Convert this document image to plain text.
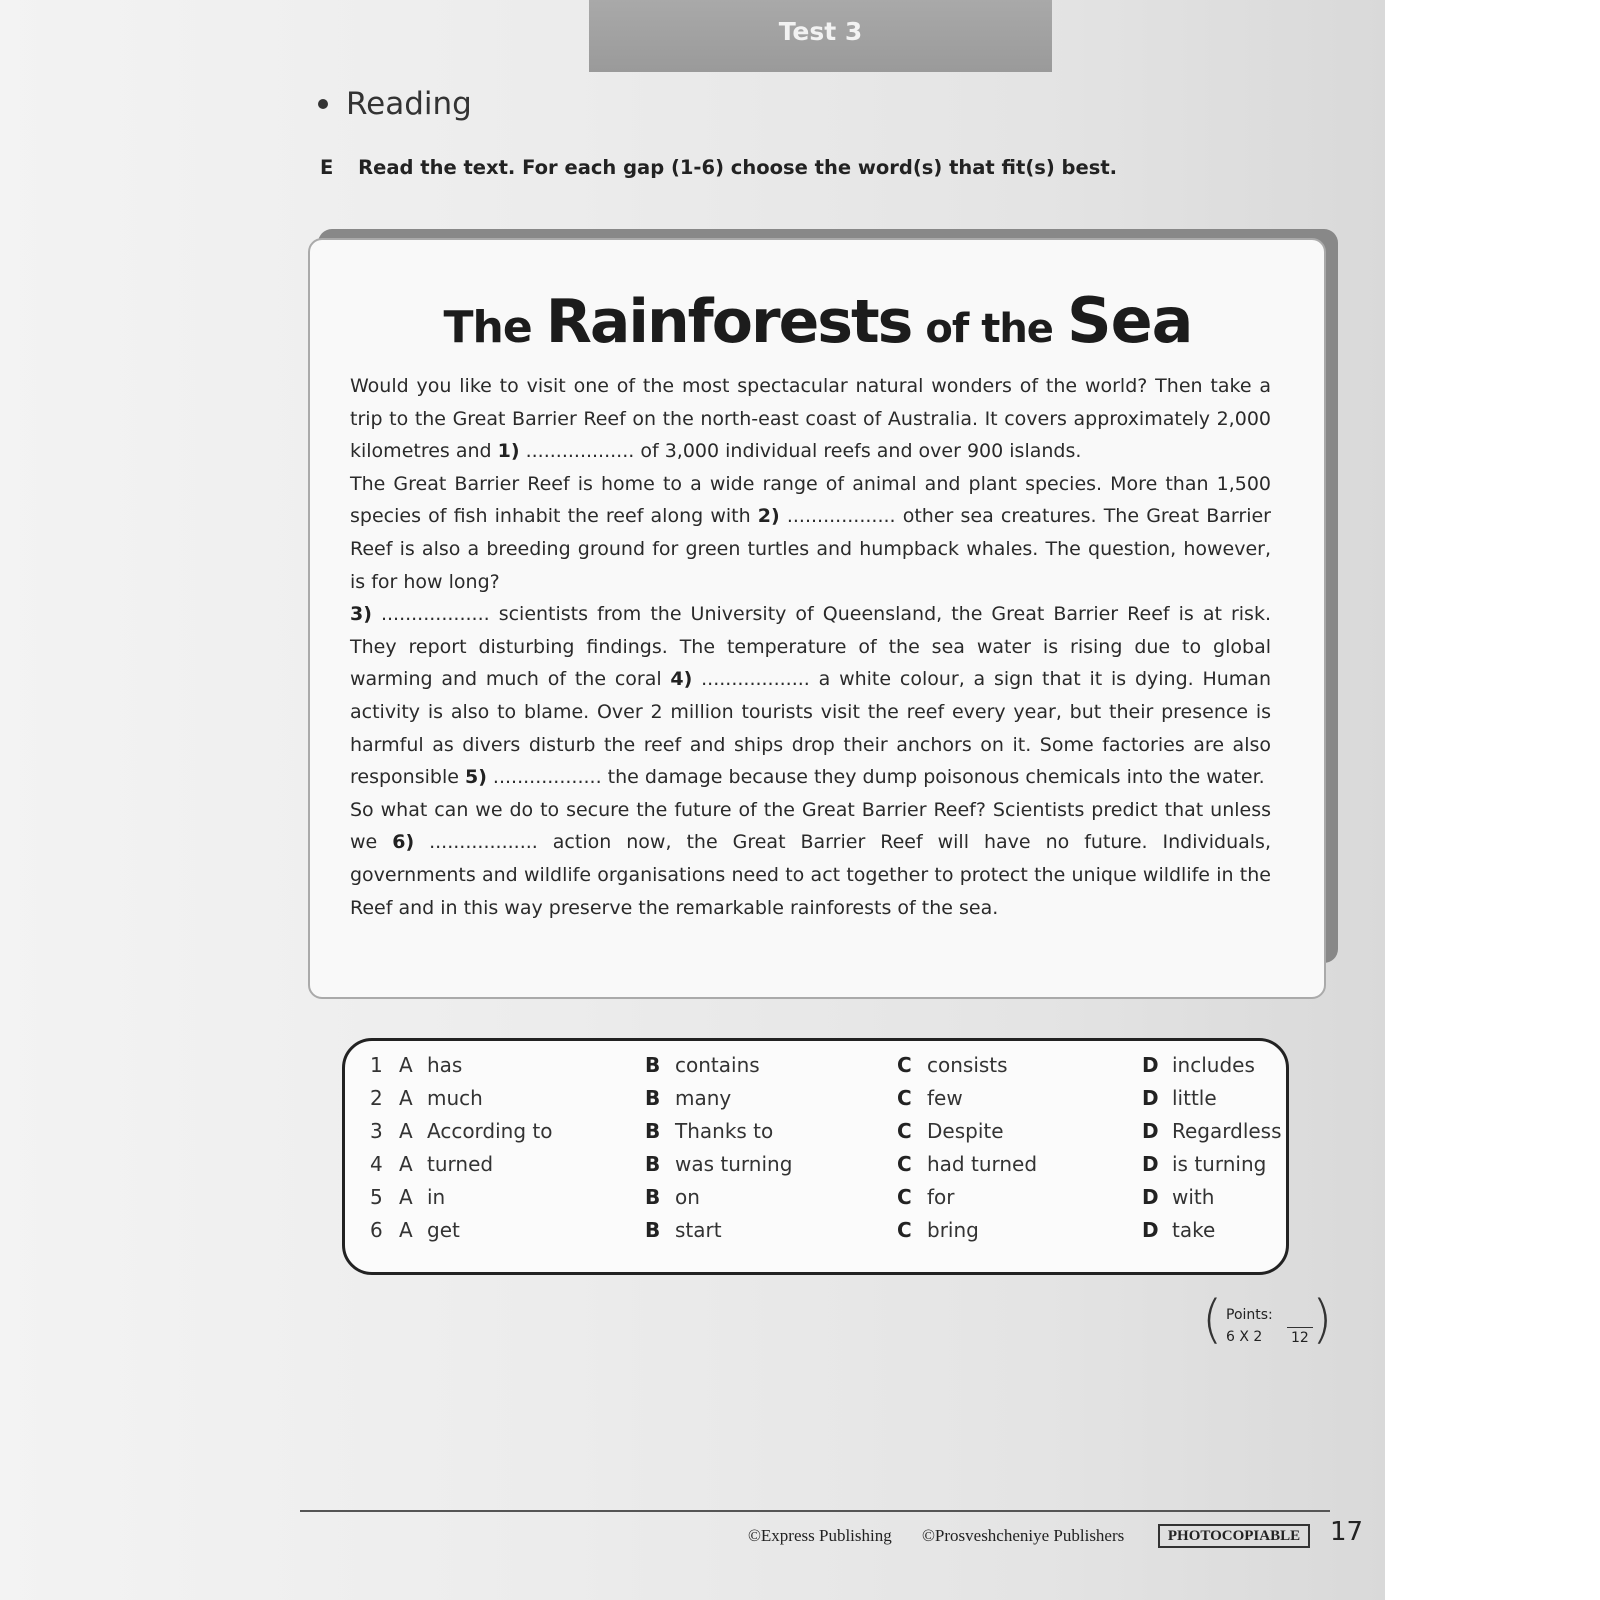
Test 3
Reading
E Read the text. For each gap (1-6) choose the word(s) that fit(s) best.
The Rainforests of the Sea

Would you like to visit one of the most spectacular natural wonders of the world? Then take a trip to the Great Barrier Reef on the north-east coast of Australia. It covers approximately 2,000 kilometres and 1) .................. of 3,000 individual reefs and over 900 islands.

The Great Barrier Reef is home to a wide range of animal and plant species. More than 1,500 species of fish inhabit the reef along with 2) .................. other sea creatures. The Great Barrier Reef is also a breeding ground for green turtles and humpback whales. The question, however, is for how long?

3) .................. scientists from the University of Queensland, the Great Barrier Reef is at risk. They report disturbing findings. The temperature of the sea water is rising due to global warming and much of the coral 4) .................. a white colour, a sign that it is dying. Human activity is also to blame. Over 2 million tourists visit the reef every year, but their presence is harmful as divers disturb the reef and ships drop their anchors on it. Some factories are also responsible 5) .................. the damage because they dump poisonous chemicals into the water.

So what can we do to secure the future of the Great Barrier Reef? Scientists predict that unless we 6) .................. action now, the Great Barrier Reef will have no future. Individuals, governments and wildlife organisations need to act together to protect the unique wildlife in the Reef and in this way preserve the remarkable rainforests of the sea.

1 A has	B contains	C consists	D includes
2 A much	B many	C few	D little
3 A According to	B Thanks to	C Despite	D Regardless
4 A turned	B was turning	C had turned	D is turning
5 A in	B on	C for	D with
6 A get	B start	C bring	D take
( Points:
6 X 2 12 )
©Express Publishing ©Prosveshcheniye Publishers	PHOTOCOPIABLE 17
